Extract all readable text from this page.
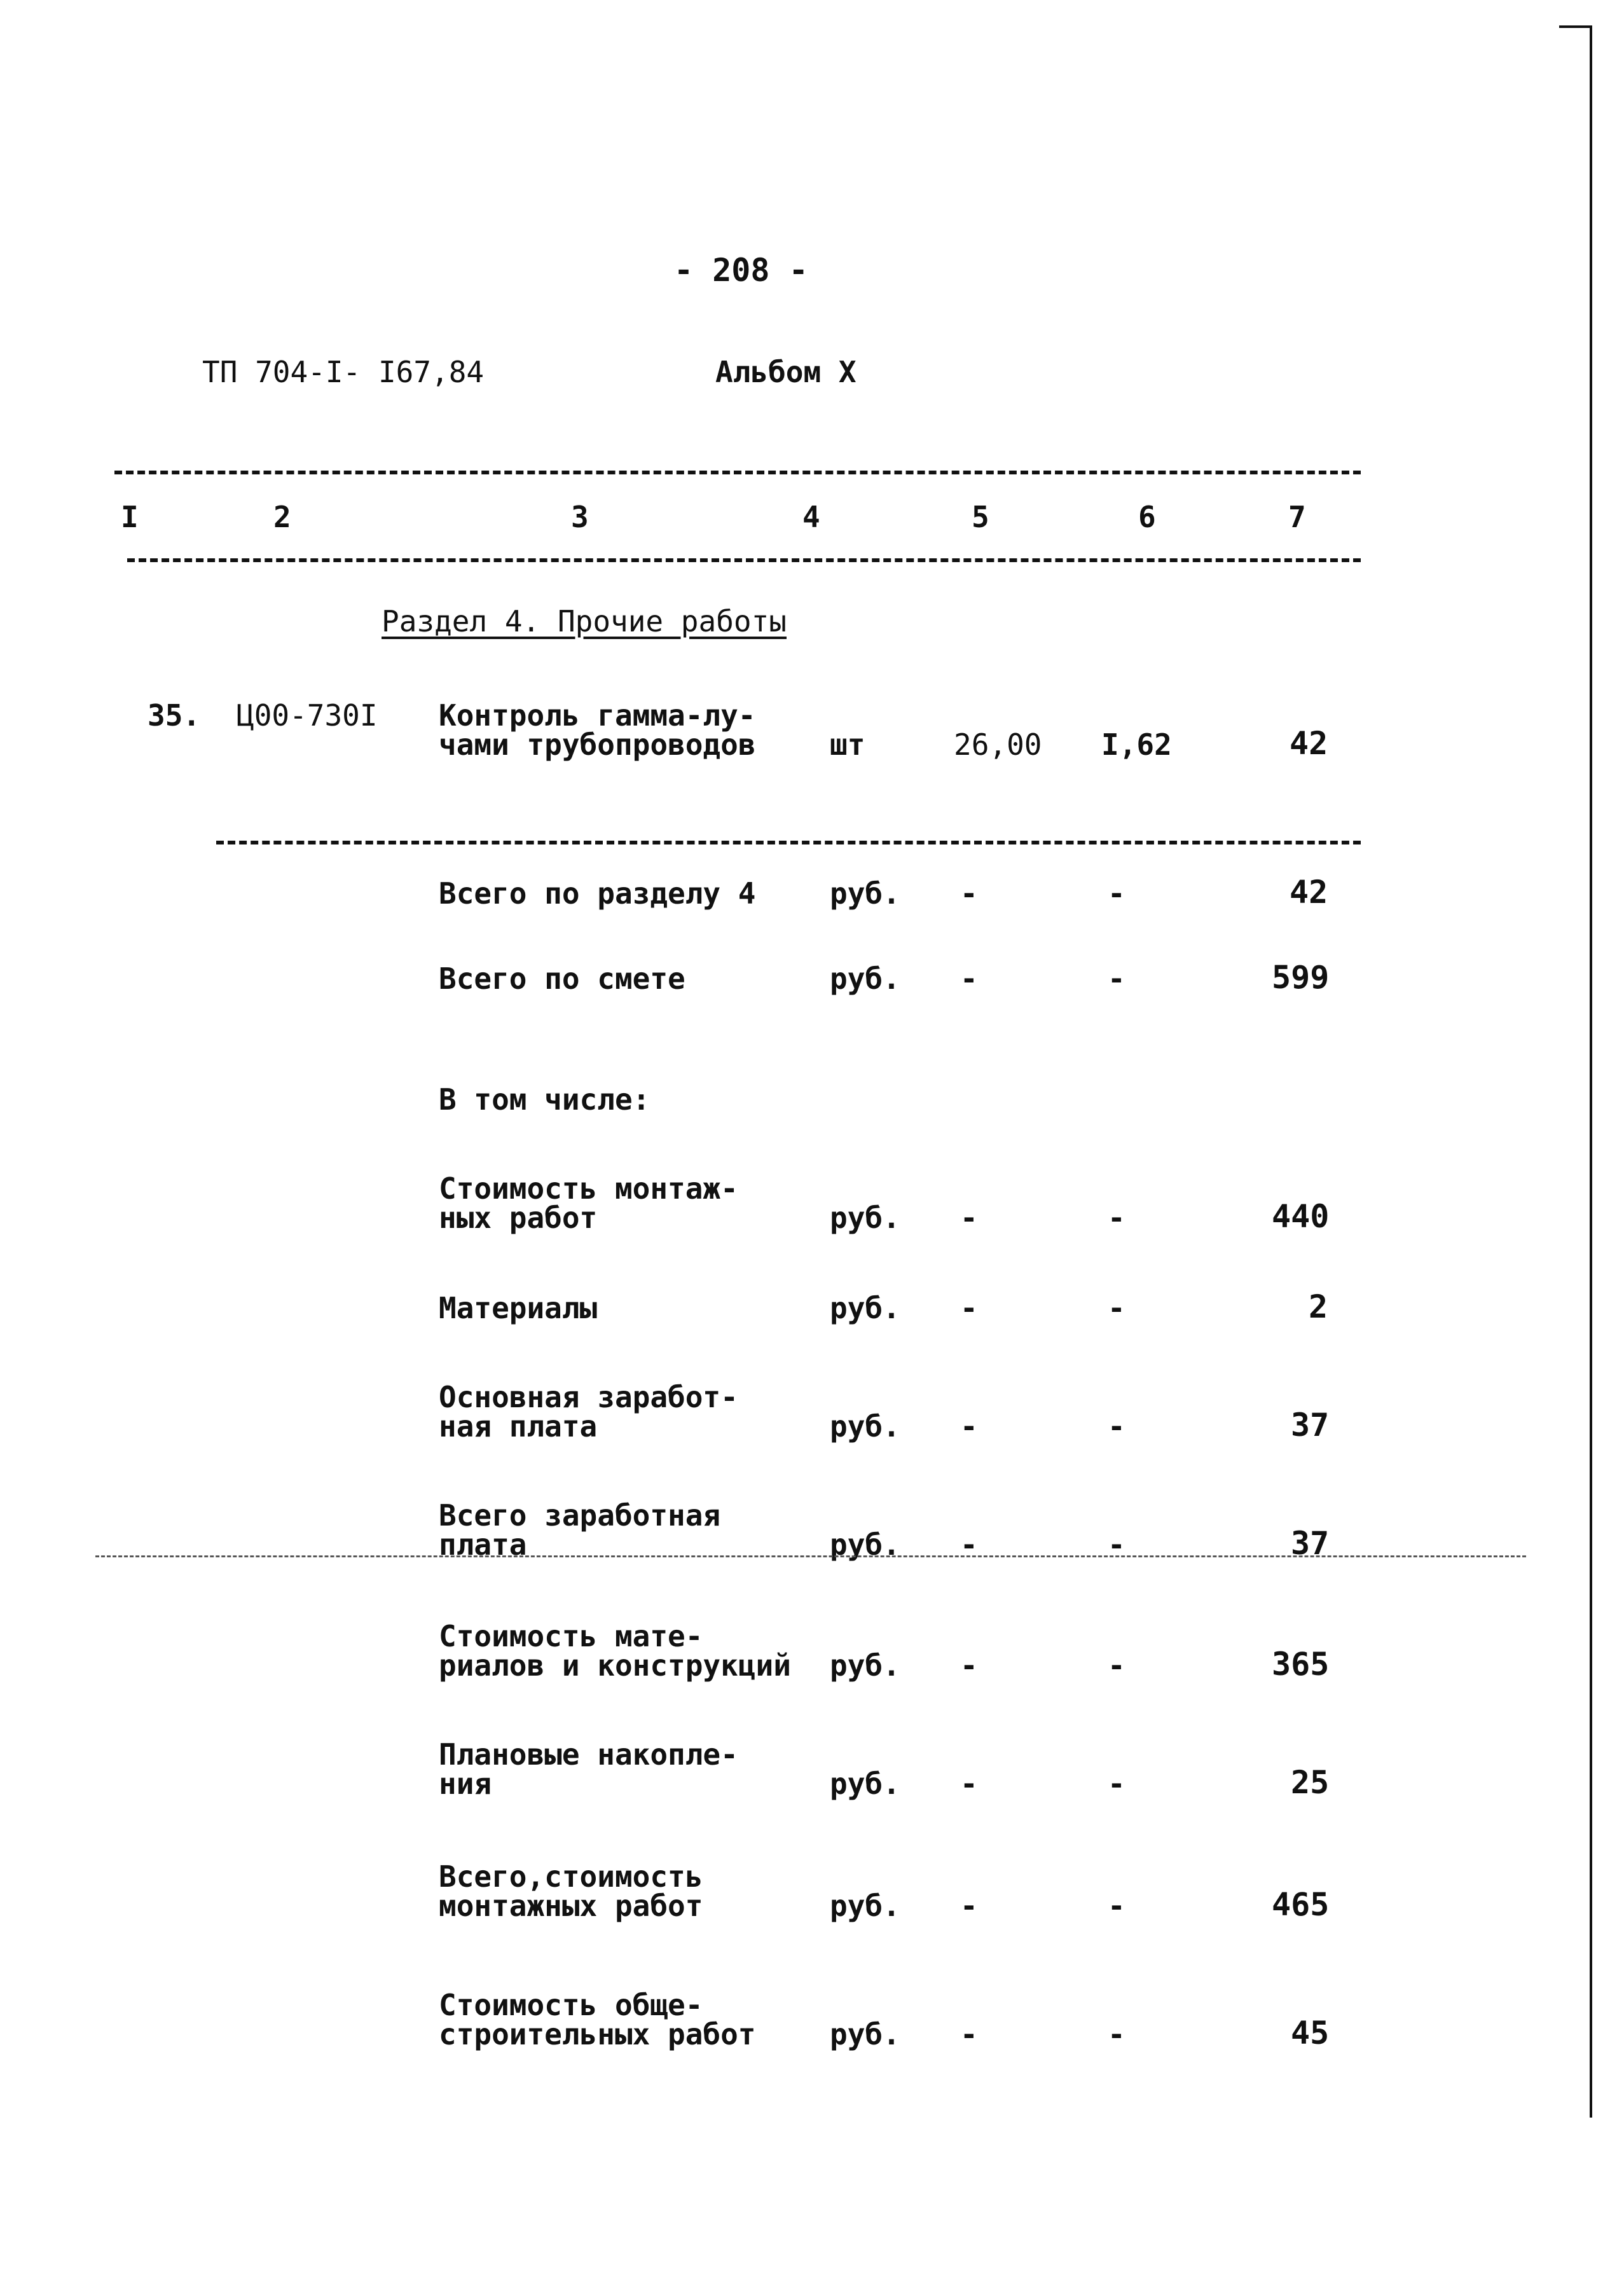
- 208 -
ТП 704-I- I67,84	Альбом X
I	2	3	4	5	6	7
Раздел 4. Прочие работы
35. Ц00-730I Контроль гамма-лу-
чами трубопроводов	шт	26,00 I,62	42
Всего по разделу 4	руб. -	-	42
Всего по смете	руб. -	-	599
В том числе:
Стоимость монтаж-
ных работ	руб. -	-	440
Материалы	руб. -	-	2
Основная заработ-
ная плата	руб. -	-	37
Всего заработная
плата	руб. -	-	37
Стоимость мате-
риалов и конструкций руб. -	-	365
Плановые накопле-
ния	руб. -	-	25
Всего,стоимость
монтажных работ	руб. -	-	465
Стоимость обще-
строительных работ	руб. -	-	45
